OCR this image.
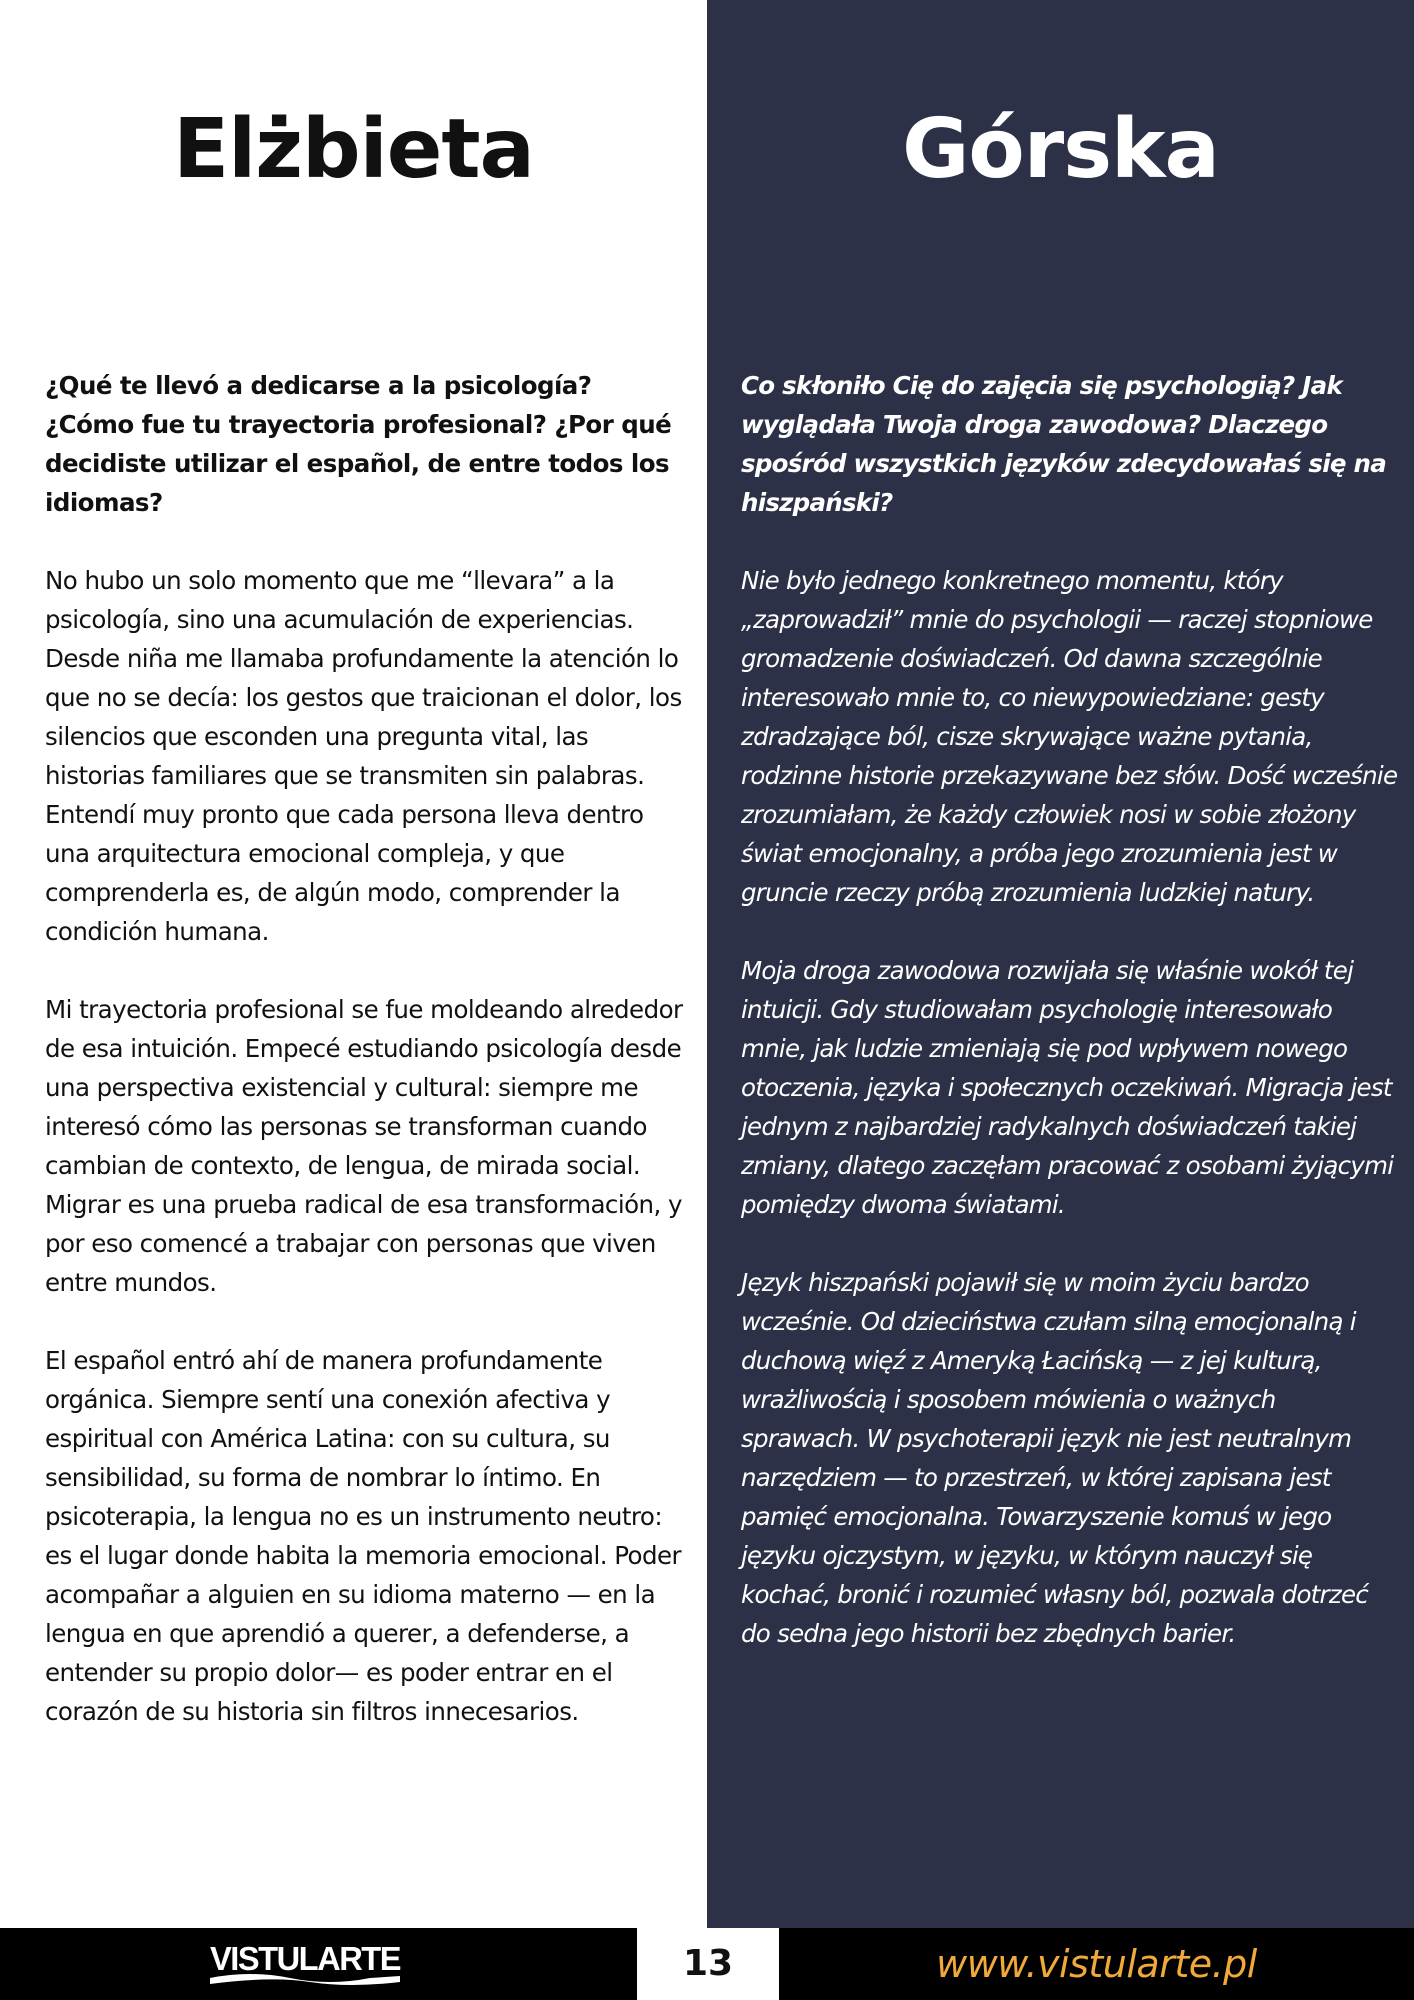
Elżbieta

¿Qué te llevó a dedicarse a la psicología? ¿Cómo fue tu trayectoria profesional? ¿Por qué decidiste utilizar el español, de entre todos los idiomas?

No hubo un solo momento que me “llevara” a la psicología, sino una acumulación de experiencias. Desde niña me llamaba profundamente la atención lo que no se decía: los gestos que traicionan el dolor, los silencios que esconden una pregunta vital, las historias familiares que se transmiten sin palabras. Entendí muy pronto que cada persona lleva dentro una arquitectura emocional compleja, y que comprenderla es, de algún modo, comprender la condición humana.

Mi trayectoria profesional se fue moldeando alrededor de esa intuición. Empecé estudiando psicología desde una perspectiva existencial y cultural: siempre me interesó cómo las personas se transforman cuando cambian de contexto, de lengua, de mirada social. Migrar es una prueba radical de esa transformación, y por eso comencé a trabajar con personas que viven entre mundos.

El español entró ahí de manera profundamente orgánica. Siempre sentí una conexión afectiva y espiritual con América Latina: con su cultura, su sensibilidad, su forma de nombrar lo íntimo. En psicoterapia, la lengua no es un instrumento neutro: es el lugar donde habita la memoria emocional. Poder acompañar a alguien en su idioma materno — en la lengua en que aprendió a querer, a defenderse, a entender su propio dolor— es poder entrar en el corazón de su historia sin filtros innecesarios.

Górska

Co skłoniło Cię do zajęcia się psychologią? Jak wyglądała Twoja droga zawodowa? Dlaczego spośród wszystkich języków zdecydowałaś się na hiszpański?

Nie było jednego konkretnego momentu, który „zaprowadził” mnie do psychologii — raczej stopniowe gromadzenie doświadczeń. Od dawna szczególnie interesowało mnie to, co niewypowiedziane: gesty zdradzające ból, cisze skrywające ważne pytania, rodzinne historie przekazywane bez słów. Dość wcześnie zrozumiałam, że każdy człowiek nosi w sobie złożony świat emocjonalny, a próba jego zrozumienia jest w gruncie rzeczy próbą zrozumienia ludzkiej natury.

Moja droga zawodowa rozwijała się właśnie wokół tej intuicji. Gdy studiowałam psychologię interesowało mnie, jak ludzie zmieniają się pod wpływem nowego otoczenia, języka i społecznych oczekiwań. Migracja jest jednym z najbardziej radykalnych doświadczeń takiej zmiany, dlatego zaczęłam pracować z osobami żyjącymi pomiędzy dwoma światami.

Język hiszpański pojawił się w moim życiu bardzo wcześnie. Od dzieciństwa czułam silną emocjonalną i duchową więź z Ameryką Łacińską — z jej kulturą, wrażliwością i sposobem mówienia o ważnych sprawach. W psychoterapii język nie jest neutralnym narzędziem — to przestrzeń, w której zapisana jest pamięć emocjonalna. Towarzyszenie komuś w jego języku ojczystym, w języku, w którym nauczył się kochać, bronić i rozumieć własny ból, pozwala dotrzeć do sedna jego historii bez zbędnych barier.

VISTULARTE	13	www.vistularte.pl
